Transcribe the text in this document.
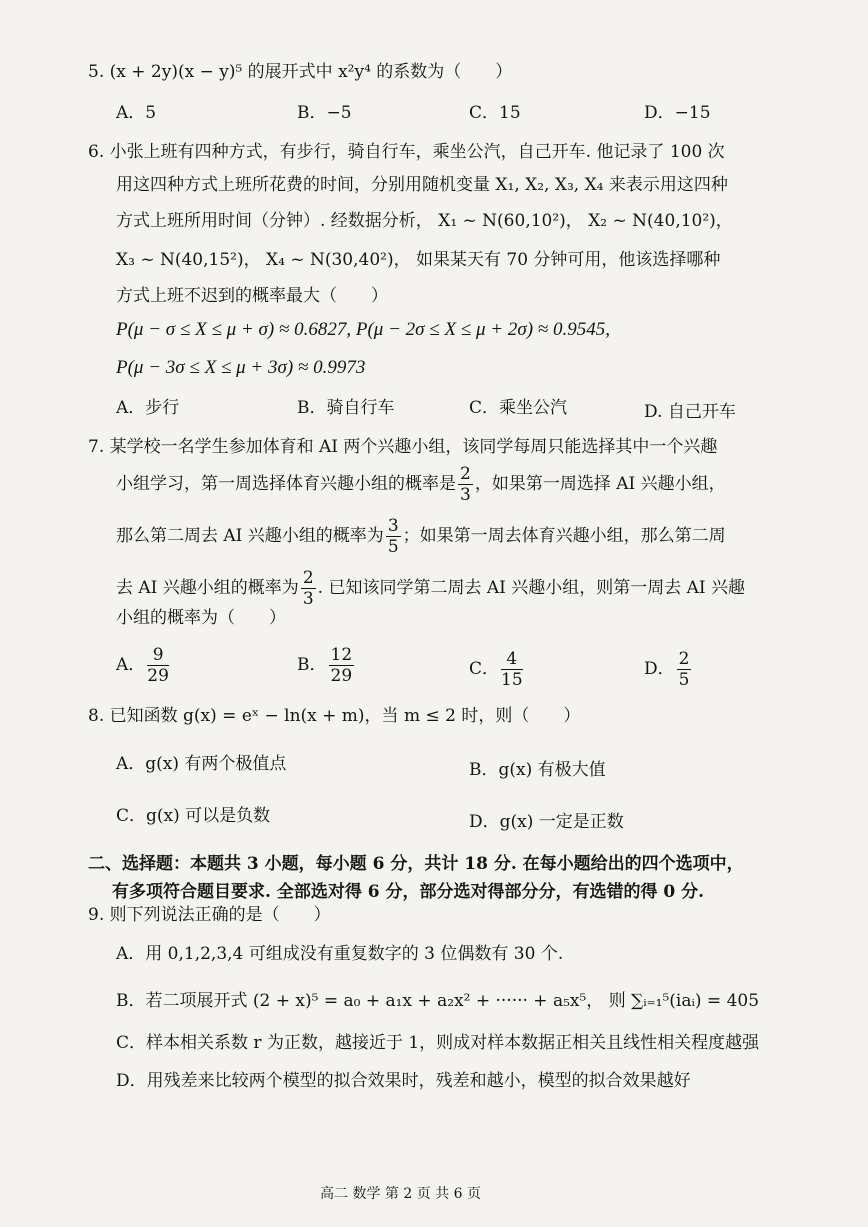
5. (x + 2y)(x − y)⁵ 的展开式中 x²y⁴ 的系数为（　　）
A．5	B．−5	C．15	D．−15
6. 小张上班有四种方式，有步行，骑自行车，乘坐公汽，自己开车. 他记录了 100 次
用这四种方式上班所花费的时间，分别用随机变量 X₁, X₂, X₃, X₄ 来表示用这四种
方式上班所用时间（分钟）. 经数据分析， X₁ ~ N(60,10²)， X₂ ~ N(40,10²)，
X₃ ~ N(40,15²)， X₄ ~ N(30,40²)， 如果某天有 70 分钟可用，他该选择哪种
方式上班不迟到的概率最大（　　）
P(μ − σ ≤ X ≤ μ + σ) ≈ 0.6827, P(μ − 2σ ≤ X ≤ μ + 2σ) ≈ 0.9545,
P(μ − 3σ ≤ X ≤ μ + 3σ) ≈ 0.9973
A．步行	B．骑自行车	C．乘坐公汽	D. 自己开车
7. 某学校一名学生参加体育和 AI 两个兴趣小组，该同学每周只能选择其中一个兴趣
小组学习，第一周选择体育兴趣小组的概率是 $\frac{2}{3}$ ，如果第一周选择 AI 兴趣小组，
那么第二周去 AI 兴趣小组的概率为 $\frac{3}{5}$ ；如果第一周去体育兴趣小组，那么第二周
去 AI 兴趣小组的概率为 $\frac{2}{3}$ . 已知该同学第二周去 AI 兴趣小组，则第一周去 AI 兴趣
小组的概率为（　　）
A． $\frac{9}{29}$	B． $\frac{12}{29}$	C． $\frac{4}{15}$	D． $\frac{2}{5}$
8. 已知函数 g(x) = eˣ − ln(x + m)，当 m ≤ 2 时，则（　　）
A．g(x) 有两个极值点	B．g(x) 有极大值
C．g(x) 可以是负数	D．g(x) 一定是正数
二、选择题：本题共 3 小题，每小题 6 分，共计 18 分. 在每小题给出的四个选项中，
有多项符合题目要求. 全部选对得 6 分，部分选对得部分分，有选错的得 0 分.
9. 则下列说法正确的是（　　）
A．用 0,1,2,3,4 可组成没有重复数字的 3 位偶数有 30 个.
B．若二项展开式 (2 + x)⁵ = a₀ + a₁x + a₂x² + ······ + a₅x⁵， 则 ∑ᵢ₌₁⁵(iaᵢ) = 405
C．样本相关系数 r 为正数，越接近于 1，则成对样本数据正相关且线性相关程度越强
D．用残差来比较两个模型的拟合效果时，残差和越小，模型的拟合效果越好
高二 数学 第 2 页 共 6 页
